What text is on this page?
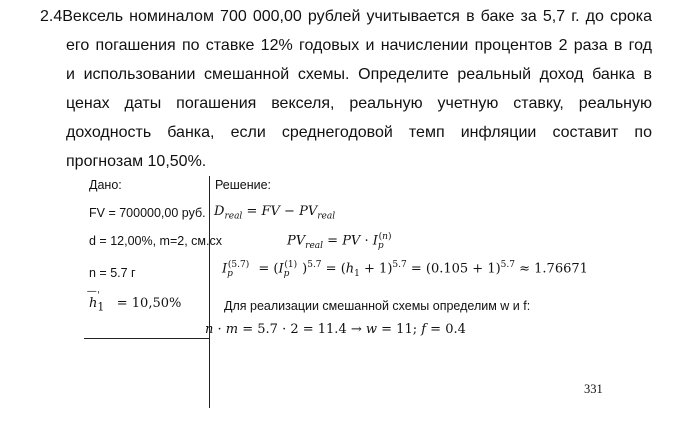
2.4Вексель номиналом 700 000,00 рублей учитывается в баке за 5,7 г. до срока
его погашения по ставке 12% годовых и начислении процентов 2 раза в год
и использовании смешанной схемы. Определите реальный доход банка в
ценах даты погашения векселя, реальную учетную ставку, реальную
доходность банка, если среднегодовой темп инфляции составит по
прогнозам 10,50%.
Дано:	Решение:
FV = 700000,00 руб.
d = 12,00%, m=2, см.сх
n = 5.7 г
$h_1^{'—}= 10,50\%$
$D_{real}$ = FV − $PV_{real}$
$PV_{real}$ = PV · $I_p^{(n)}$
$I_p^{(5.7)} = (I_p^{(1)}$ )$^{5.7} = (h_1 + 1)^{5.7} = (0.105 + 1)^{5.7} \approx 1.76671$
Для реализации смешанной схемы определим w и f:
n · m = 5.7 · 2 = 11.4 → w = 11; f = 0.4
331
